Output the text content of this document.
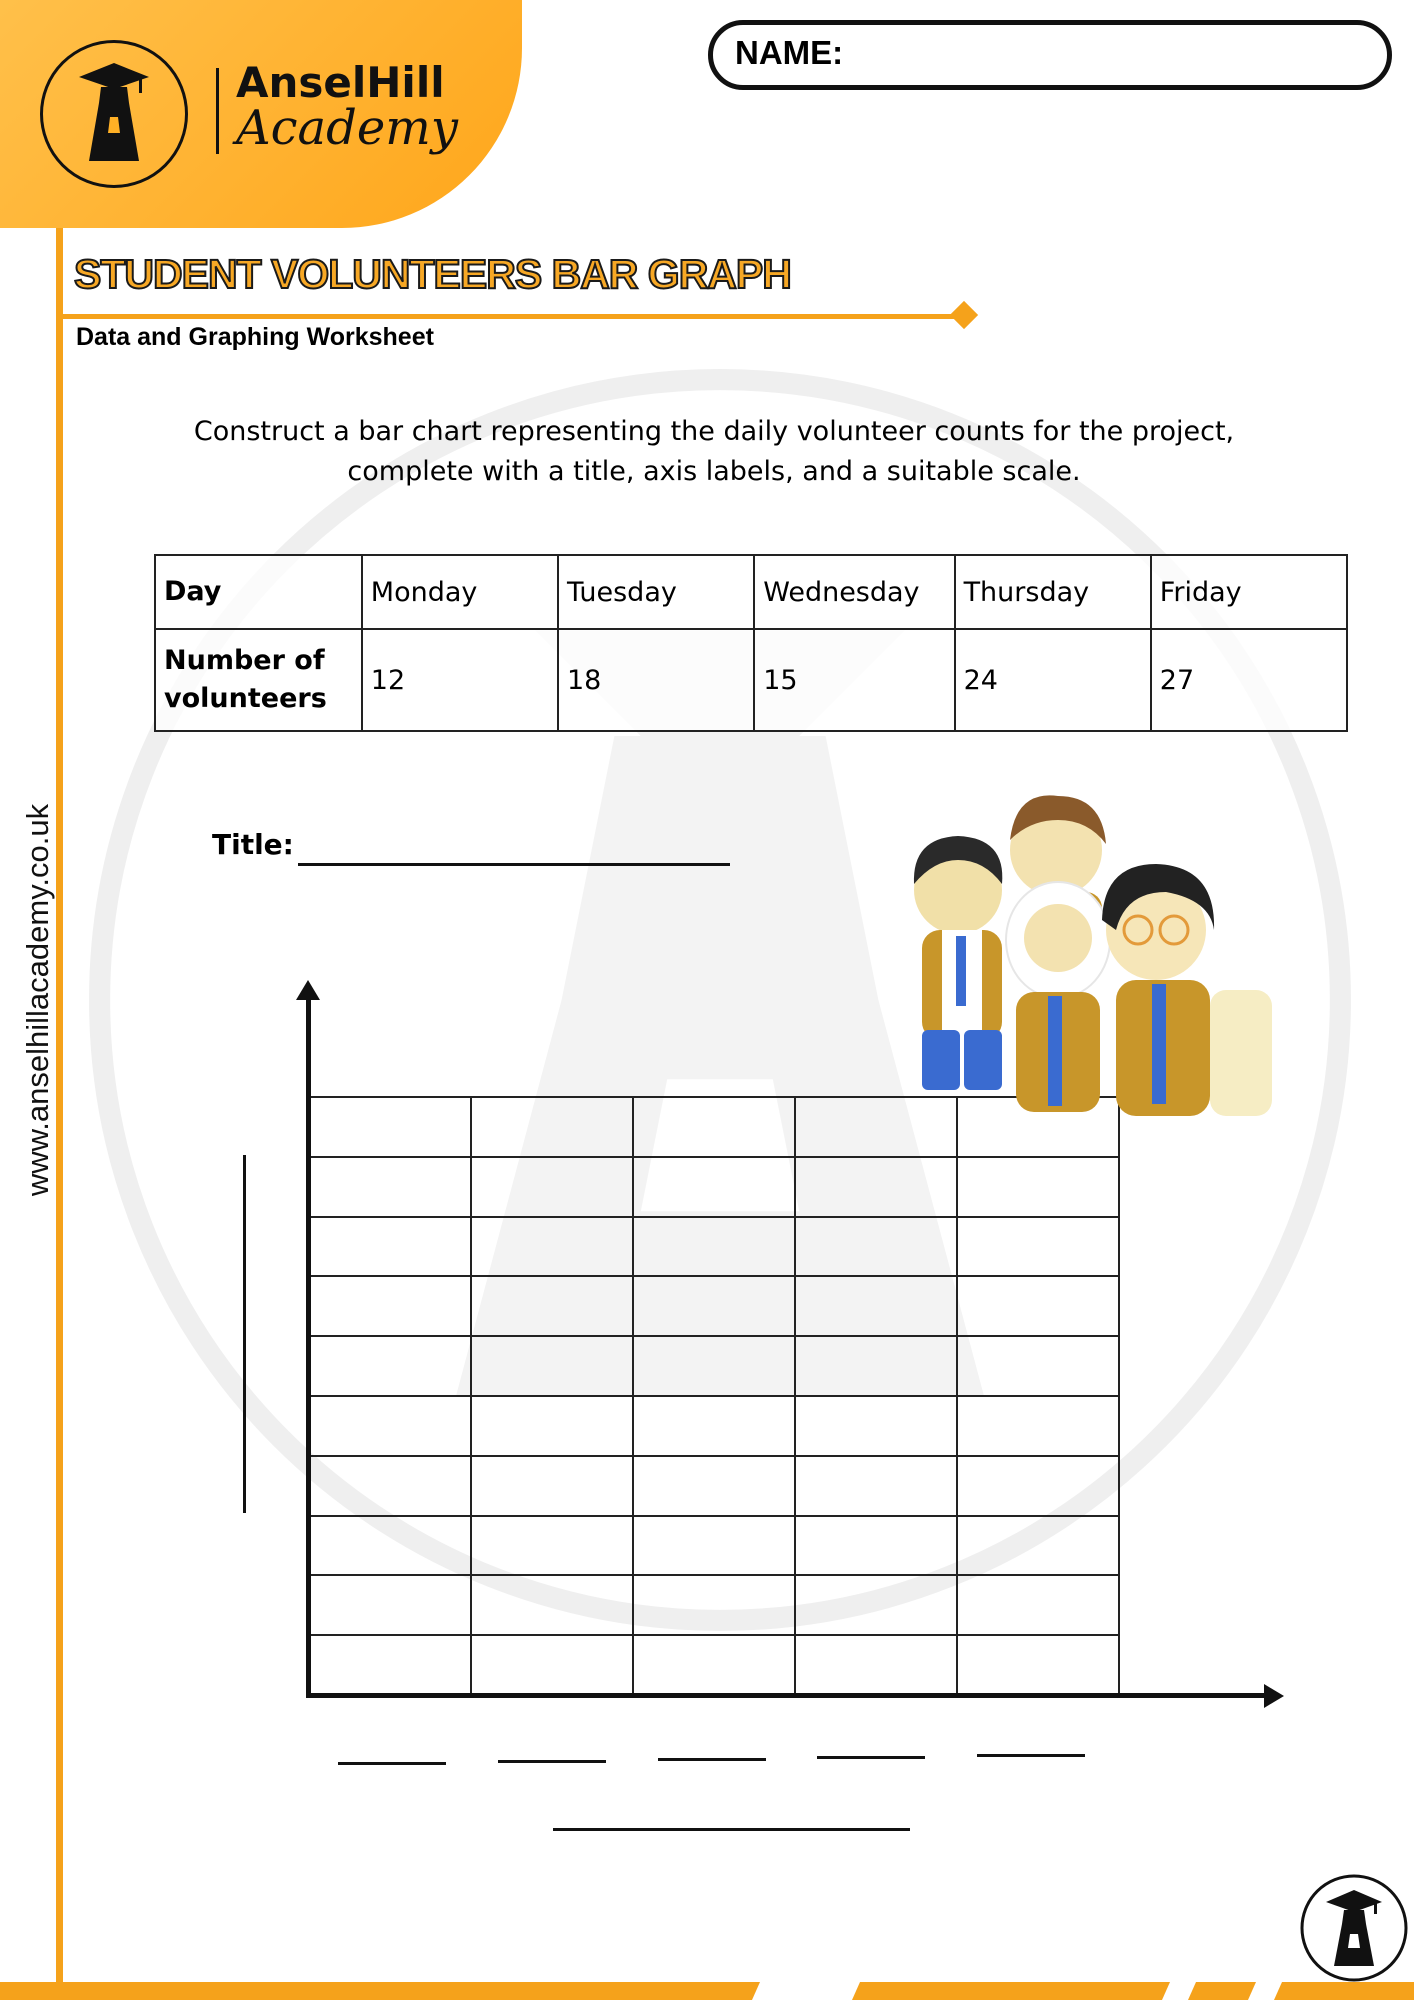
AnselHill
Academy
NAME:
www.anselhillacademy.co.uk
STUDENT VOLUNTEERS BAR GRAPH
Data and Graphing Worksheet
Construct a bar chart representing the daily volunteer counts for the project, complete with a title, axis labels, and a suitable scale.
Day	Monday	Tuesday	Wednesday	Thursday	Friday
Number of volunteers	12	18	15	24	27
Title:
